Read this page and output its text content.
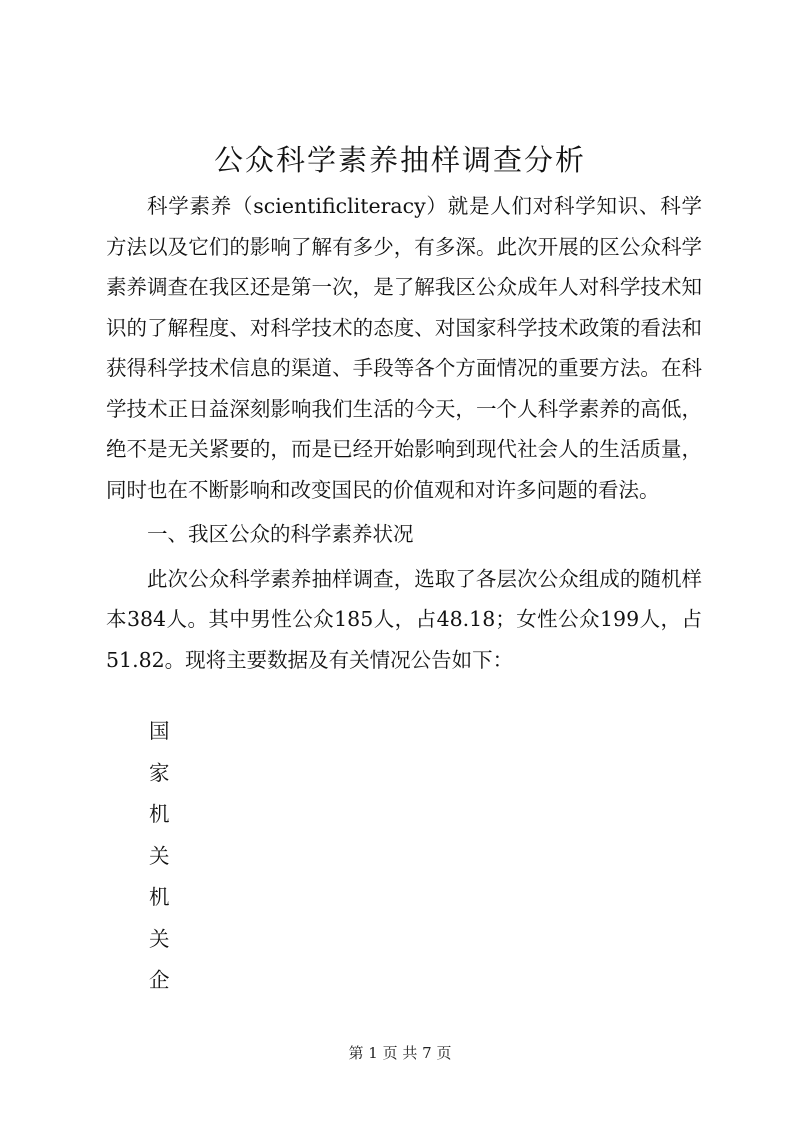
公众科学素养抽样调查分析

科学素养（scientificliteracy）就是人们对科学知识、科学方法以及它们的影响了解有多少，有多深。此次开展的区公众科学素养调查在我区还是第一次，是了解我区公众成年人对科学技术知识的了解程度、对科学技术的态度、对国家科学技术政策的看法和获得科学技术信息的渠道、手段等各个方面情况的重要方法。在科学技术正日益深刻影响我们生活的今天，一个人科学素养的高低，绝不是无关紧要的，而是已经开始影响到现代社会人的生活质量，同时也在不断影响和改变国民的价值观和对许多问题的看法。

一、我区公众的科学素养状况

此次公众科学素养抽样调查，选取了各层次公众组成的随机样本384人。其中男性公众185人，占48.18；女性公众199人，占51.82。现将主要数据及有关情况公告如下：

国
家
机
关
机
关
企
第 1 页 共 7 页
